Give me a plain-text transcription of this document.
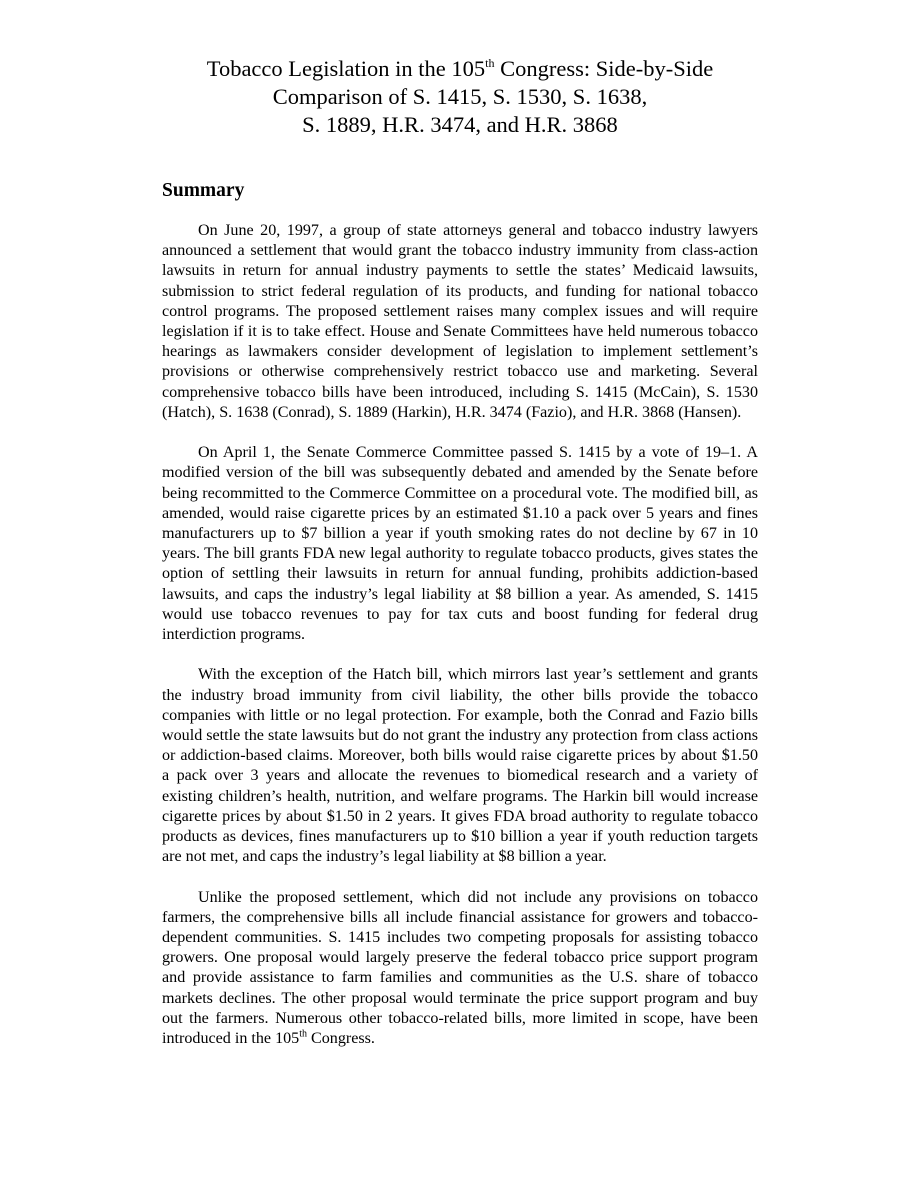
Tobacco Legislation in the 105th Congress: Side-by-Side
Comparison of S. 1415, S. 1530, S. 1638,
S. 1889, H.R. 3474, and H.R. 3868
Summary

On June 20, 1997, a group of state attorneys general and tobacco industry lawyers announced a settlement that would grant the tobacco industry immunity from class-action lawsuits in return for annual industry payments to settle the states’ Medicaid lawsuits, submission to strict federal regulation of its products, and funding for national tobacco control programs. The proposed settlement raises many complex issues and will require legislation if it is to take effect. House and Senate Committees have held numerous tobacco hearings as lawmakers consider development of legislation to implement settlement’s provisions or otherwise comprehensively restrict tobacco use and marketing. Several comprehensive tobacco bills have been introduced, including S. 1415 (McCain), S. 1530 (Hatch), S. 1638 (Conrad), S. 1889 (Harkin), H.R. 3474 (Fazio), and H.R. 3868 (Hansen).

On April 1, the Senate Commerce Committee passed S. 1415 by a vote of 19–1. A modified version of the bill was subsequently debated and amended by the Senate before being recommitted to the Commerce Committee on a procedural vote. The modified bill, as amended, would raise cigarette prices by an estimated $1.10 a pack over 5 years and fines manufacturers up to $7 billion a year if youth smoking rates do not decline by 67 in 10 years. The bill grants FDA new legal authority to regulate tobacco products, gives states the option of settling their lawsuits in return for annual funding, prohibits addiction-based lawsuits, and caps the industry’s legal liability at $8 billion a year. As amended, S. 1415 would use tobacco revenues to pay for tax cuts and boost funding for federal drug interdiction programs.

With the exception of the Hatch bill, which mirrors last year’s settlement and grants the industry broad immunity from civil liability, the other bills provide the tobacco companies with little or no legal protection. For example, both the Conrad and Fazio bills would settle the state lawsuits but do not grant the industry any protection from class actions or addiction-based claims. Moreover, both bills would raise cigarette prices by about $1.50 a pack over 3 years and allocate the revenues to biomedical research and a variety of existing children’s health, nutrition, and welfare programs. The Harkin bill would increase cigarette prices by about $1.50 in 2 years. It gives FDA broad authority to regulate tobacco products as devices, fines manufacturers up to $10 billion a year if youth reduction targets are not met, and caps the industry’s legal liability at $8 billion a year.

Unlike the proposed settlement, which did not include any provisions on tobacco farmers, the comprehensive bills all include financial assistance for growers and tobacco-dependent communities. S. 1415 includes two competing proposals for assisting tobacco growers. One proposal would largely preserve the federal tobacco price support program and provide assistance to farm families and communities as the U.S. share of tobacco markets declines. The other proposal would terminate the price support program and buy out the farmers. Numerous other tobacco-related bills, more limited in scope, have been introduced in the 105th Congress.
